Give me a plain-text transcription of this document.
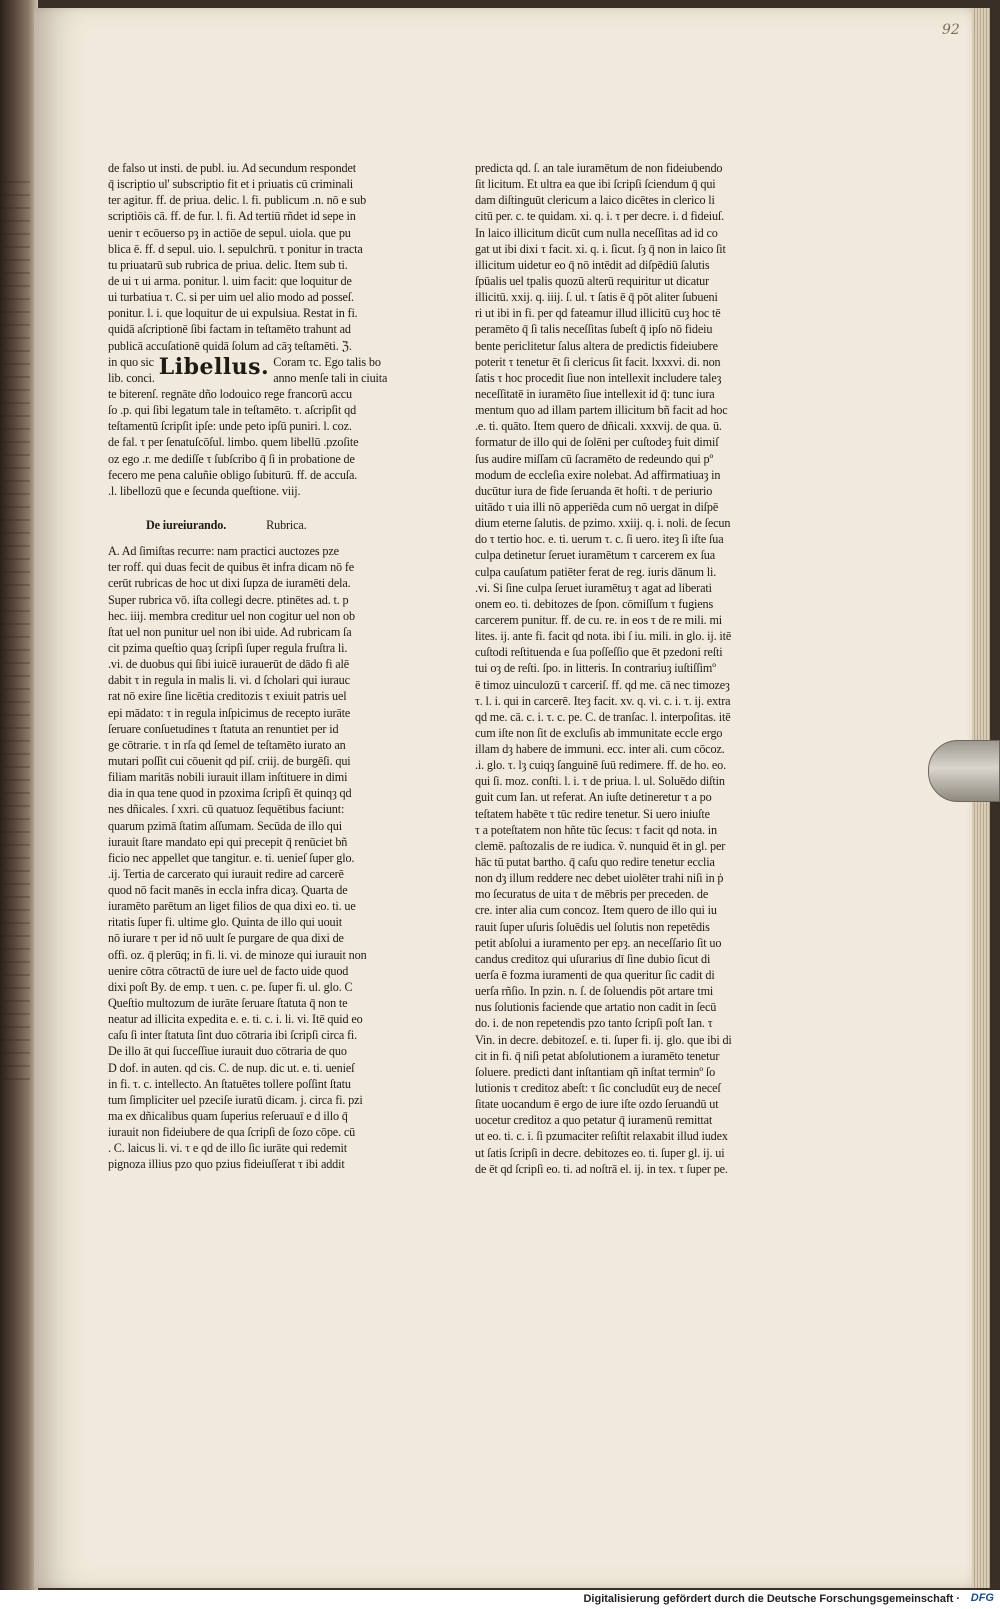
92
de falso ut insti. de publ. iu. Ad secundum respondet
q̄ iscriptio ul' subscriptio fit et i priuatis cū criminali
ter agitur. ff. de priua. delic. l. fi. publicum .n. nō e sub
scriptiōis cā. ff. de fur. l. fi. Ad tertiū rñdet id sepe in
uenir τ ecōuerso pȝ in actiōe de sepul. uiola. que pu
blica ē. ff. d sepul. uio. l. sepulchrū. τ ponitur in tracta
tu priuatarū sub rubrica de priua. delic. Item sub ti.
de ui τ ui arma. ponitur. l. uim facit: que loquitur de
ui turbatiua τ. C. si per uim uel alio modo ad posseſ.
ponitur. l. i. que loquitur de ui expulsiua. Restat in fi.
quidā aſcriptionē ſibi factam in teſtamēto trahunt ad
publicā accuſationē quidā ſolum ad cāȝ teſtamēti. ℨ.
in quo sic
lib. conci. Libellus. Coram τc. Ego talis bo
anno menſe tali in ciuita
te biterenſ. regnāte dño lodouico rege francorū accu
ſo .p. qui ſibi legatum tale in teſtamēto. τ. aſcripſit qd
teſtamentū ſcripſit ipſe: unde peto ipſū puniri. l. coz.
de fal. τ per ſenatuſcōſul. limbo. quem libellū .pzoſite
oz ego .r. me dediſſe τ ſubſcribo q̄ ſi in probatione de
fecero me pena caluñie obligo ſubiturū. ff. de accuſa.
.l. libellozū que e ſecunda queſtione. viij.
De iureiurando.	Rubrica.
A. Ad ſimiſtas recurre: nam practici auctozes pze
ter roff. qui duas fecit de quibus ēt infra dicam nō fe
cerūt rubricas de hoc ut dixi ſupza de iuramēti dela.
Super rubrica vō. iſta collegi decre. ptinētes ad. t. p
hec. iiij. membra creditur uel non cogitur uel non ob
ſtat uel non punitur uel non ibi uide. Ad rubricam ſa
cit pzima queſtio quaȝ ſcripſi ſuper regula fruſtra li.
.vi. de duobus qui ſibi iuicē iurauerūt de dādo fi alē
dabit τ in regula in malis li. vi. d ſcholari qui iurauc
rat nō exire ſine licētia creditozis τ exiuit patris uel
epi mādato: τ in regula inſpicimus de recepto iurāte
ſeruare conſuetudines τ ſtatuta an renuntiet per id
ge cōtrarie. τ in rſa qd ſemel de teſtamēto iurato an
mutari poſſit cui cōuenit qd piſ. criij. de burgēſi. qui
filiam maritās nobili iurauit illam inſtituere in dimi
dia in qua tene quod in pzoxima ſcripſi ēt quinqȝ qd
nes dñicales. ſ xxri. cū quatuoz ſequētibus faciunt:
quarum pzimā ſtatim aſſumam. Secūda de illo qui
iurauit ſtare mandato epi qui precepit q̄ renūciet bñ
ficio nec appellet que tangitur. e. ti. uenieſ ſuper glo.
.ij. Tertia de carcerato qui iurauit redire ad carcerē
quod nō facit manēs in eccla infra dicaȝ. Quarta de
iuramēto parētum an liget filios de qua dixi eo. ti. ue
ritatis ſuper fi. ultime glo. Quinta de illo qui uouit
nō iurare τ per id nō uult ſe purgare de qua dixi de
offi. oz. q̄ plerūq; in fi. li. vi. de minoze qui iurauit non
uenire cōtra cōtractū de iure uel de facto uide quod
dixi poſt By. de emp. τ uen. c. pe. ſuper fi. ul. glo. C
Queſtio multozum de iurāte ſeruare ſtatuta q̄ non te
neatur ad illicita expedita e. e. ti. c. i. li. vi. Itē quid eo
caſu ſi inter ſtatuta ſint duo cōtraria ibi ſcripſi circa fi.
De illo āt qui ſucceſſiue iurauit duo cōtraria de quo
D dof. in auten. qd cis. C. de nup. dic ut. e. ti. uenieſ
in fi. τ. c. intellecto. An ſtatuētes tollere poſſint ſtatu
tum ſimpliciter uel pzeciſe iuratū dicam. j. circa fi. pzi
ma ex dñicalibus quam ſuperius reſeruauī e d illo q̄
iurauit non fideiubere de qua ſcripſi de ſozo cōpe. cū
. C. laicus li. vi. τ e qd de illo ſic iurāte qui redemit
pignoza illius pzo quo pzius fideiuſſerat τ ibi addit
predicta qd. ſ. an tale iuramētum de non fideiubendo
ſit licitum. Et ultra ea que ibi ſcripſi ſciendum q̄ qui
dam diſtinguūt clericum a laico dicētes in clerico li
citū per. c. te quidam. xi. q. i. τ per decre. i. d fideiuſ.
In laico illicitum dicūt cum nulla neceſſitas ad id co
gat ut ibi dixi τ facit. xi. q. i. ſicut. ſȝ q̄ non in laico ſit
illicitum uidetur eo q̄ nō intēdit ad diſpēdiū ſalutis
ſpūalis uel tpalis quozū alterū requiritur ut dicatur
illicitū. xxij. q. iiij. ſ. ul. τ ſatis ē q̄ pōt aliter ſubueni
ri ut ibi in fi. per qd fateamur illud illicitū cuȝ hoc tē
peramēto q̄ ſi talis neceſſitas ſubeſt q̄ ipſo nō fideiu
bente periclitetur ſalus altera de predictis fideiubere
poterit τ tenetur ēt ſi clericus ſit facit. lxxxvi. di. non
ſatis τ hoc procedit ſiue non intellexit includere taleȝ
neceſſitatē in iuramēto ſiue intellexit id q̄: tunc iura
mentum quo ad illam partem illicitum bñ facit ad hoc
.e. ti. quāto. Item quero de dñicali. xxxvij. de qua. ū.
formatur de illo qui de ſolēni per cuſtodeȝ fuit dimiſ
ſus audire miſſam cū ſacramēto de redeundo qui pº
modum de eccleſia exire nolebat. Ad affirmatiuaȝ in
ducūtur iura de fide ſeruanda ēt hoſti. τ de periurio
uitādo τ uia illi nō apperiēda cum nō uergat in diſpē
dium eterne ſalutis. de pzimo. xxiij. q. i. noli. de ſecun
do τ tertio hoc. e. ti. uerum τ. c. ſi uero. iteȝ ſi iſte ſua
culpa detinetur ſeruet iuramētum τ carcerem ex ſua
culpa cauſatum patiēter ferat de reg. iuris dānum li.
.vi. Si ſine culpa ſeruet iuramētuȝ τ agat ad liberati
onem eo. ti. debitozes de ſpon. cōmiſſum τ fugiens
carcerem punitur. ff. de cu. re. in eos τ de re mili. mi
lites. ij. ante fi. facit qd nota. ibi ſ iu. mili. in glo. ij. itē
cuſtodi reſtituenda e ſua poſſeſſio que ēt pzedoni reſti
tui oȝ de reſti. ſpo. in litteris. In contrariuȝ iuſtiſſimº
ē timoz uinculozū τ carceriſ. ff. qd me. cā nec timozeȝ
τ. l. i. qui in carcerē. Iteȝ facit. xv. q. vi. c. i. τ. ij. extra
qd me. cā. c. i. τ. c. pe. C. de tranſac. l. interpoſitas. itē
cum iſte non ſit de excluſis ab immunitate eccle ergo
illam dȝ habere de immuni. ecc. inter ali. cum cōcoz.
.i. glo. τ. lȝ cuiqȝ ſanguinē ſuū redimere. ff. de ho. eo.
qui ſi. moz. conſti. l. i. τ de priua. l. ul. Soluēdo diſtin
guit cum Ian. ut referat. An iuſte detineretur τ a po
teſtatem habēte τ tūc redire tenetur. Si uero iniuſte
τ a poteſtatem non hñte tūc ſecus: τ facit qd nota. in
clemē. paſtozalis de re iudica. ṽ. nunquid ēt in gl. per
hāc tū putat bartho. q̄ caſu quo redire tenetur ecclia
non dȝ illum reddere nec debet uiolēter trahi niſi in ṗ
mo ſecuratus de uita τ de mēbris per preceden. de
cre. inter alia cum concoz. Item quero de illo qui iu
rauit ſuper uſuris ſoluēdis uel ſolutis non repetēdis
petit abſolui a iuramento per epȝ. an neceſſario ſit uo
candus creditoz qui uſurarius dī ſine dubio ſicut di
uerſa ē fozma iuramenti de qua queritur ſic cadit di
uerſa rñſio. In pzin. n. ſ. de ſoluendis pōt artare tmi
nus ſolutionis faciende que artatio non cadit in ſecū
do. i. de non repetendis pzo tanto ſcripſi poſt Ian. τ
Vin. in decre. debitozeſ. e. ti. ſuper fi. ij. glo. que ibi di
cit in fi. q̄ niſi petat abſolutionem a iuramēto tenetur
ſoluere. predicti dant inſtantiam qñ inſtat terminº ſo
lutionis τ creditoz abeſt: τ ſic concludūt euȝ de neceſ
ſitate uocandum ē ergo de iure iſte ozdo ſeruandū ut
uocetur creditoz a quo petatur q̄ iuramenū remittat
ut eo. ti. c. i. ſi pzumaciter reſiſtit relaxabit illud iudex
ut ſatis ſcripſi in decre. debitozes eo. ti. ſuper gl. ij. ui
de ēt qd ſcripſi eo. ti. ad noſtrā el. ij. in tex. τ ſuper pe.
Digitalisierung gefördert durch die Deutsche Forschungsgemeinschaft · DFG
